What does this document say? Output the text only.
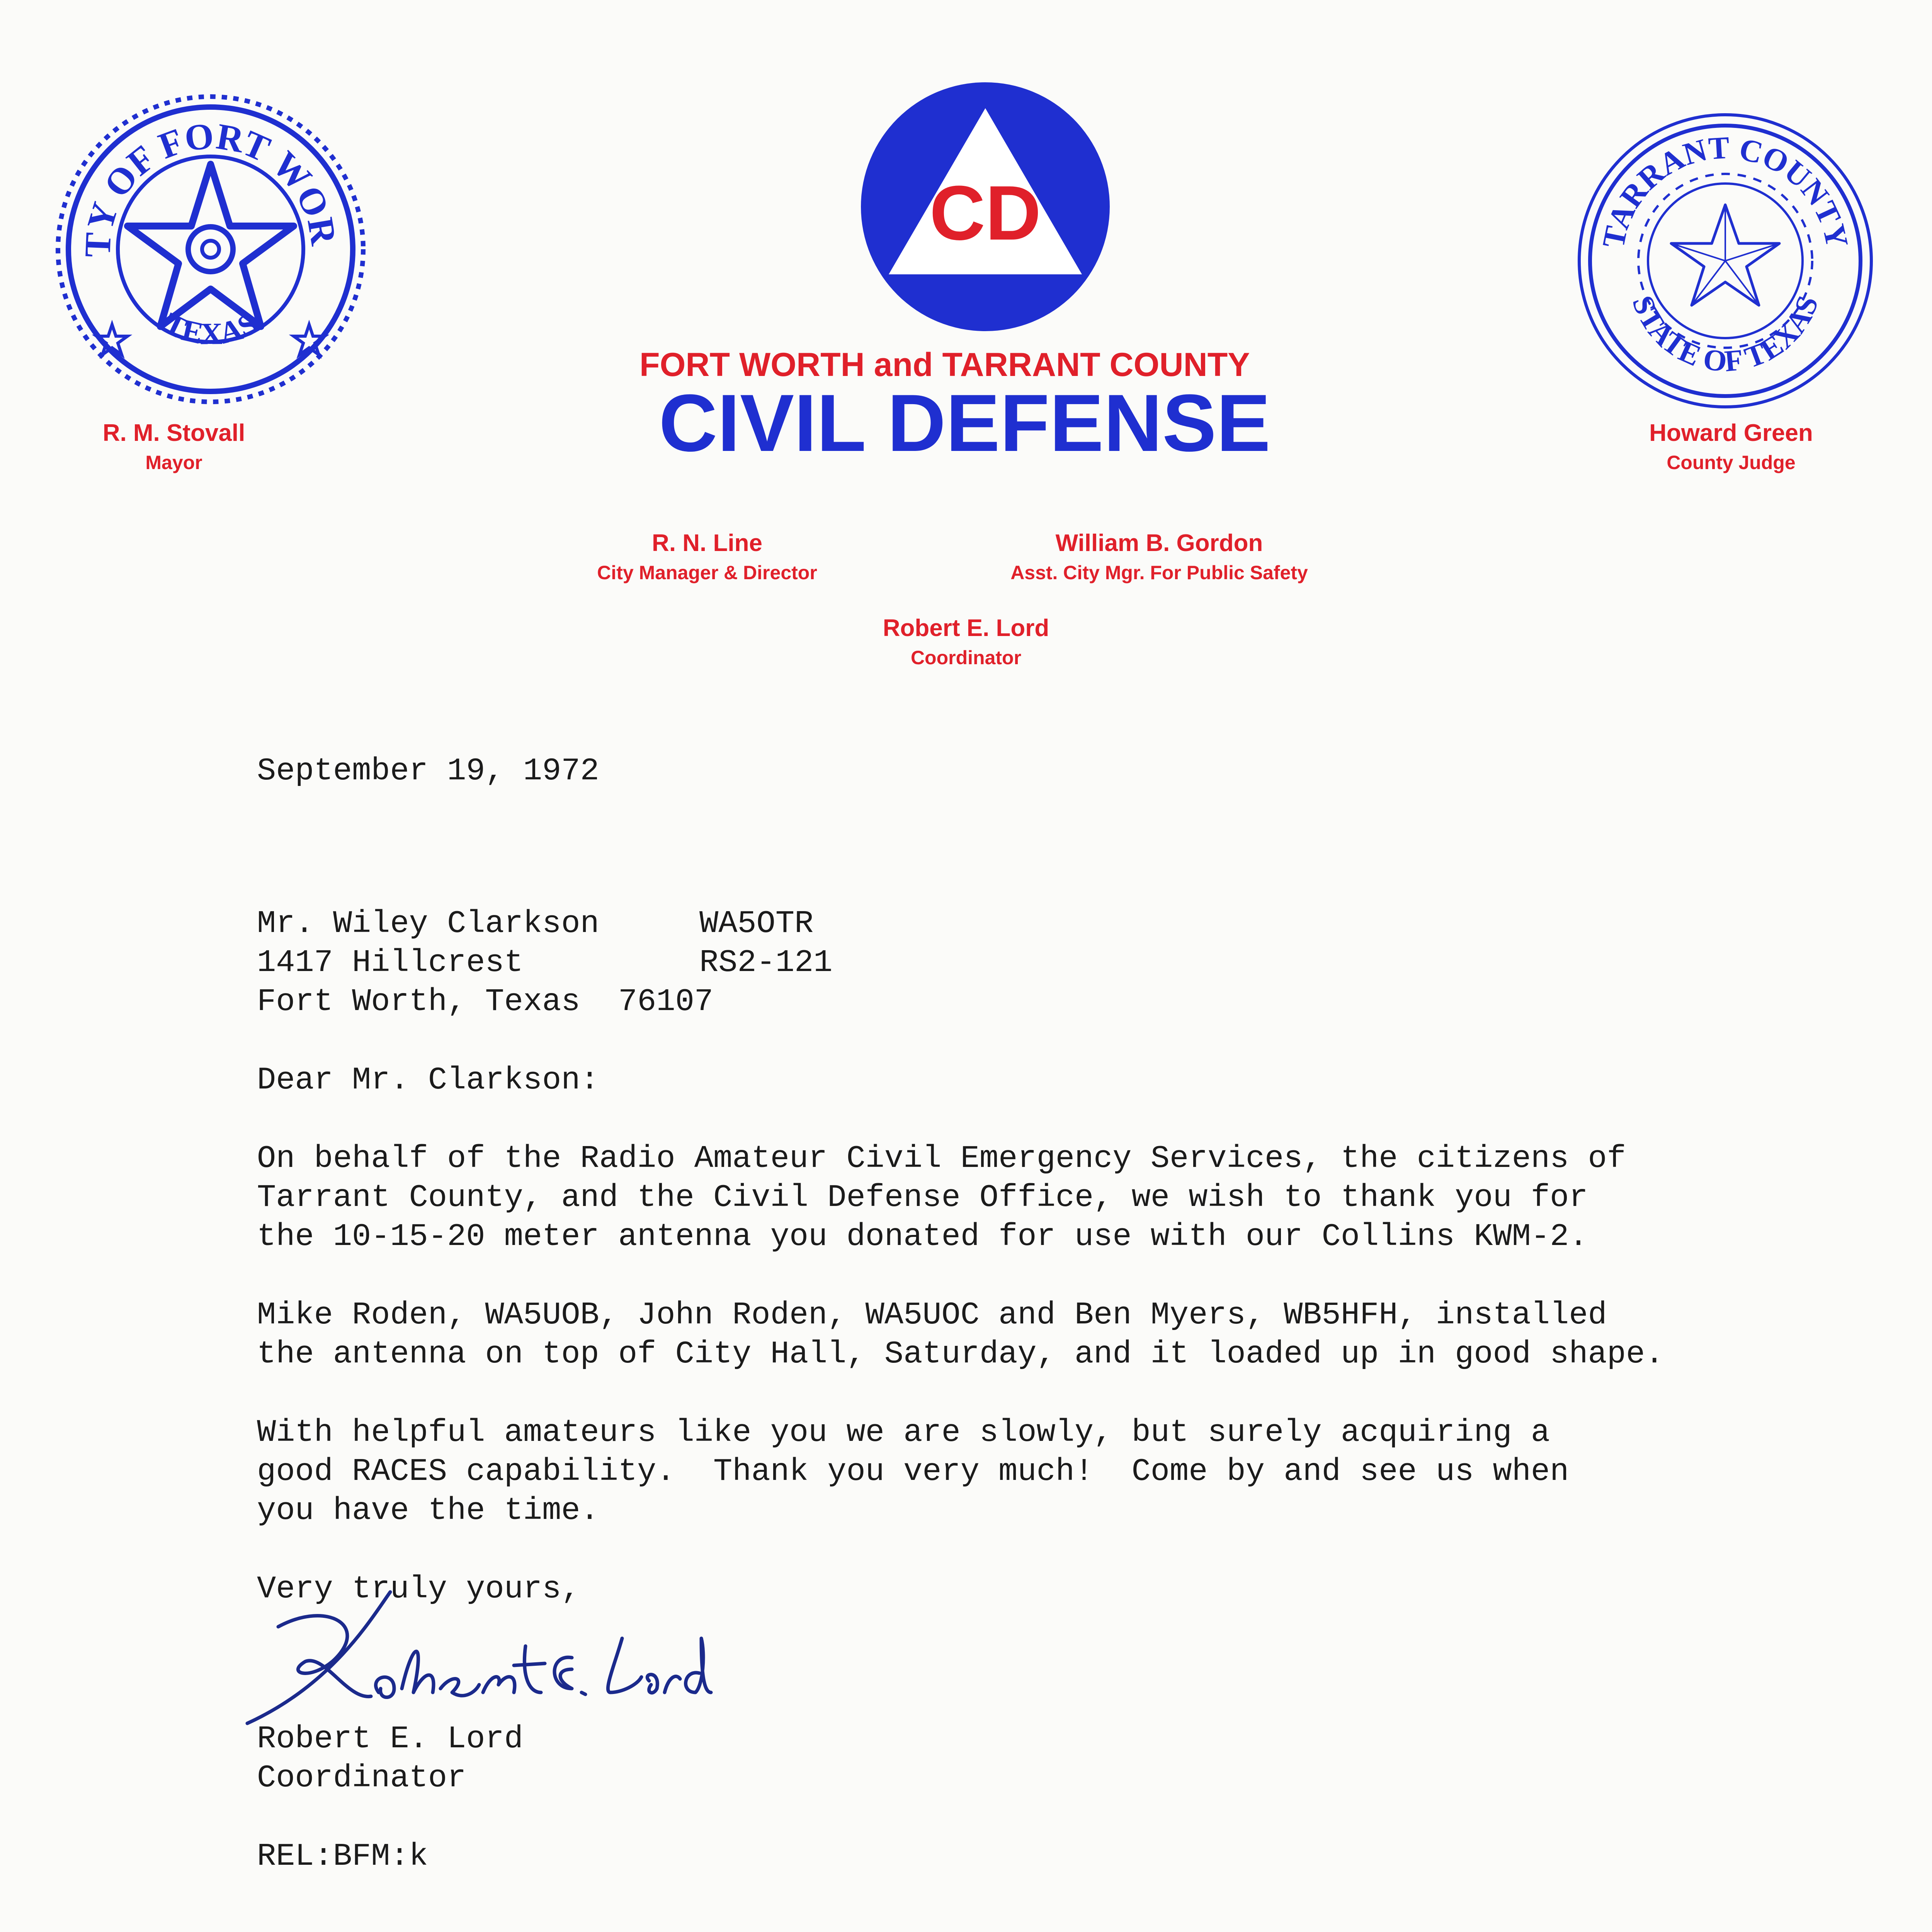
TY OF FORT WOR
TEXAS
CD	TARRANT COUNTY
STATE OF TEXAS
FORT WORTH and TARRANT COUNTY
CIVIL DEFENSE
R. M. Stovall
Mayor
Howard Green
County Judge
R. N. Line
City Manager & Director
William B. Gordon
Asst. City Mgr. For Public Safety
Robert E. Lord
Coordinator
September 19, 1972
Mr. Wiley Clarkson	WA5OTR
1417 Hillcrest	RS2-121
Fort Worth, Texas  76107
Dear Mr. Clarkson:
On behalf of the Radio Amateur Civil Emergency Services, the citizens of
Tarrant County, and the Civil Defense Office, we wish to thank you for
the 10-15-20 meter antenna you donated for use with our Collins KWM-2.
Mike Roden, WA5UOB, John Roden, WA5UOC and Ben Myers, WB5HFH, installed
the antenna on top of City Hall, Saturday, and it loaded up in good shape.
With helpful amateurs like you we are slowly, but surely acquiring a
good RACES capability.  Thank you very much!  Come by and see us when
you have the time.
Very truly yours,
Robert E. Lord
Coordinator
REL:BFM:k
